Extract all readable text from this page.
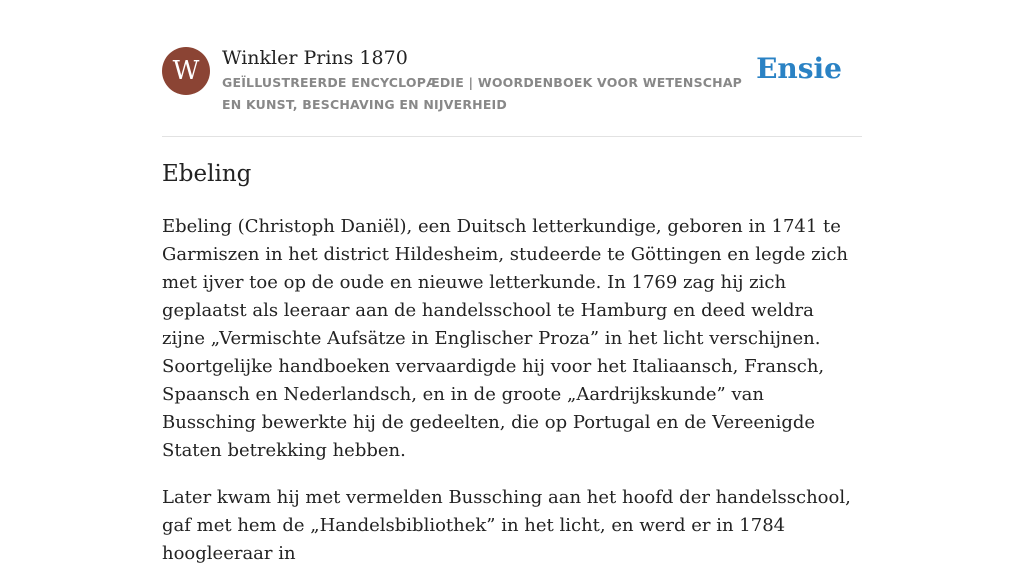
W	Winkler Prins 1870

GEÏLLUSTREERDE ENCYCLOPÆDIE | WOORDENBOEK VOOR WETENSCHAP EN KUNST, BESCHAVING EN NIJVERHEID

Ensie
Ebeling

Ebeling (Christoph Daniël), een Duitsch letterkundige, geboren in 1741 te Garmiszen in het district Hildesheim, studeerde te Göttingen en legde zich met ijver toe op de oude en nieuwe letterkunde. In 1769 zag hij zich geplaatst als leeraar aan de handelsschool te Hamburg en deed weldra zijne „Vermischte Aufsätze in Englischer Proza” in het licht verschijnen. Soortgelijke handboeken vervaardigde hij voor het Italiaansch, Fransch, Spaansch en Nederlandsch, en in de groote „Aardrijkskunde” van Bussching bewerkte hij de gedeelten, die op Portugal en de Vereenigde Staten betrekking hebben.

Later kwam hij met vermelden Bussching aan het hoofd der handelsschool, gaf met hem de „Handelsbibliothek” in het licht, en werd er in 1784 hoogleeraar in
